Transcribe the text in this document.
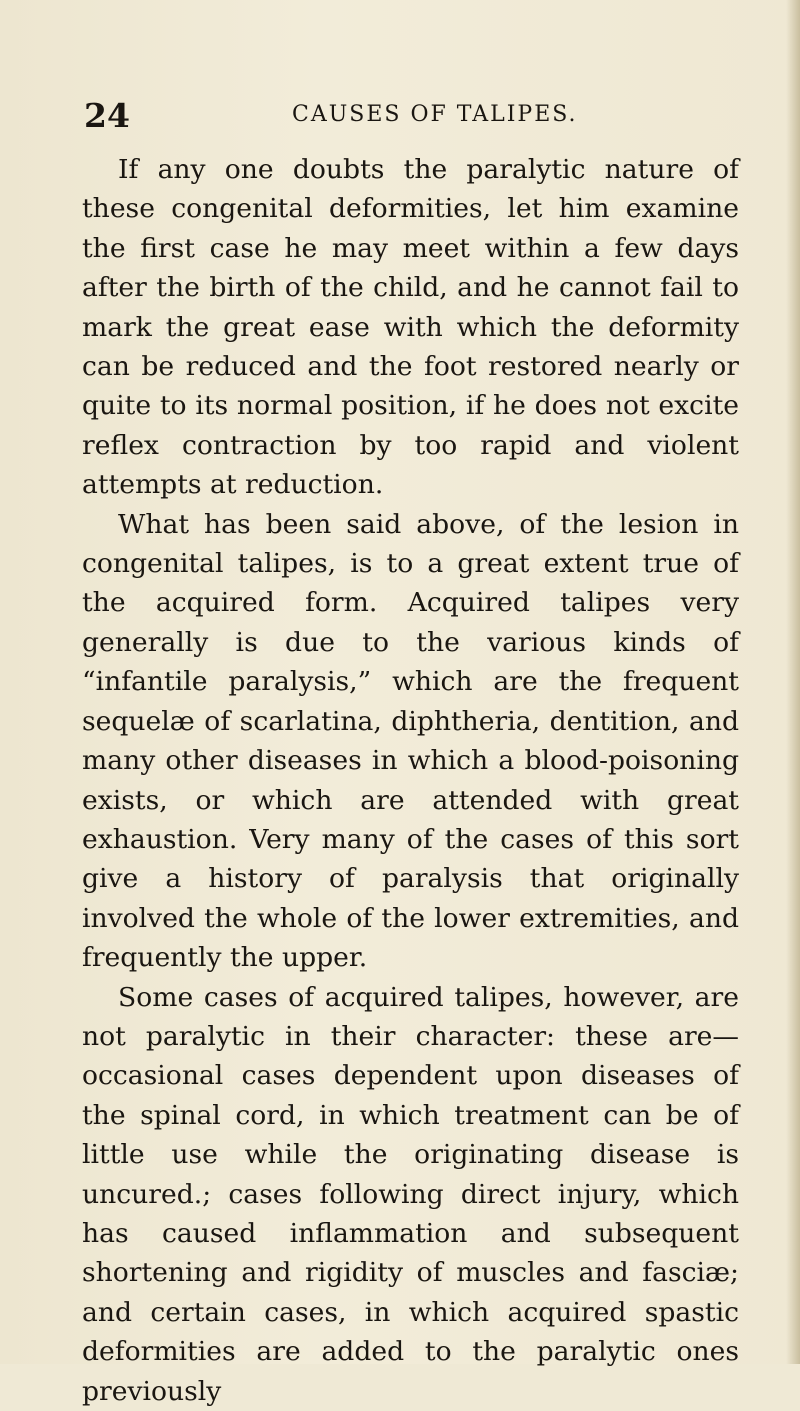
24	CAUSES OF TALIPES.

If any one doubts the paralytic nature of these congenital deformities, let him examine the first case he may meet within a few days after the birth of the child, and he cannot fail to mark the great ease with which the deformity can be reduced and the foot restored nearly or quite to its normal position, if he does not excite reflex contraction by too rapid and violent attempts at reduction.

What has been said above, of the lesion in congenital talipes, is to a great extent true of the acquired form. Acquired talipes very generally is due to the various kinds of “infantile paralysis,” which are the frequent sequelæ of scarlatina, diphtheria, dentition, and many other diseases in which a blood-poisoning exists, or which are attended with great exhaustion. Very many of the cases of this sort give a history of paralysis that originally involved the whole of the lower extremities, and frequently the upper.

Some cases of acquired talipes, however, are not paralytic in their character: these are—occasional cases dependent upon diseases of the spinal cord, in which treatment can be of little use while the originating disease is uncured.; cases following direct injury, which has caused inflammation and subsequent shortening and rigidity of muscles and fasciæ; and certain cases, in which acquired spastic deformities are added to the paralytic ones previously
